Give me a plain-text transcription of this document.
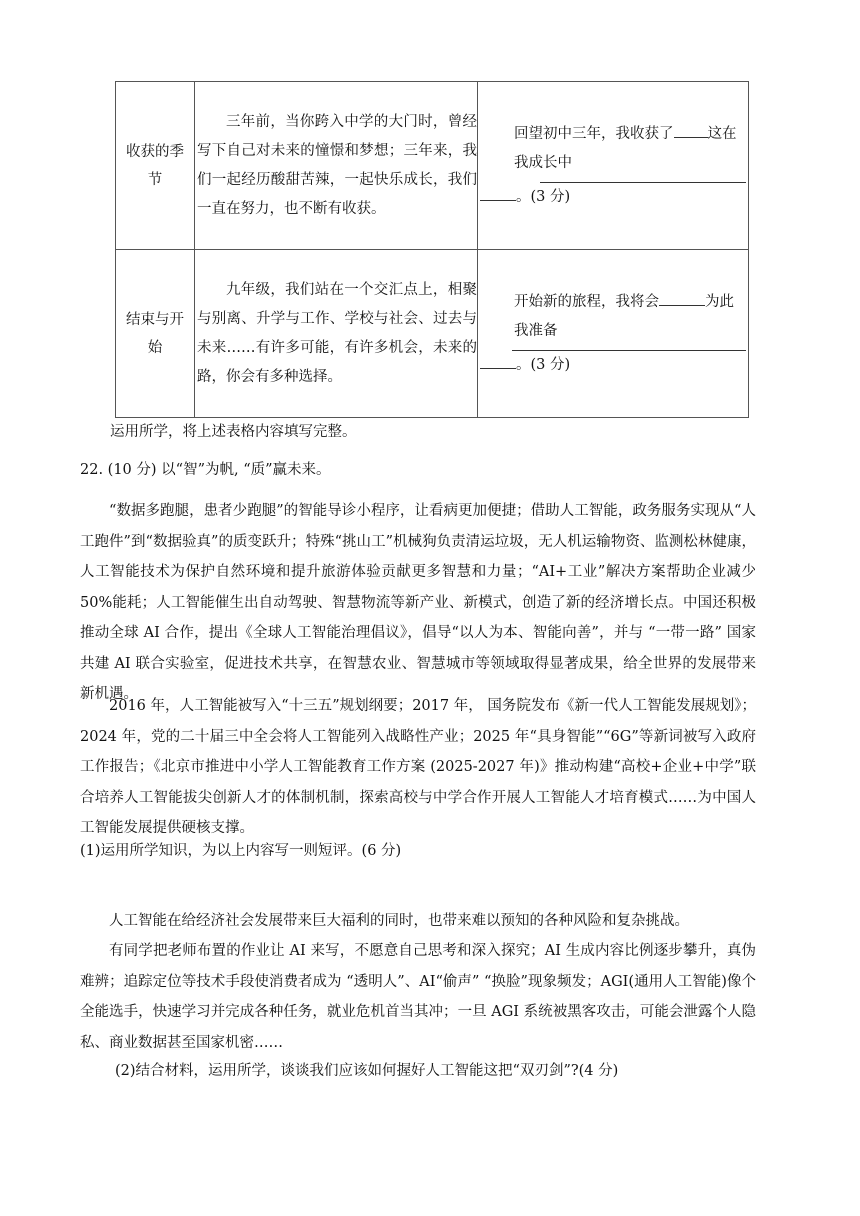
收获的季节	三年前，当你跨入中学的大门时，曾经写下自己对未来的憧憬和梦想；三年来，我们一起经历酸甜苦辣，一起快乐成长，我们一直在努力，也不断有收获。	回望初中三年，我收获了 这在我成长中
。(3 分)

结束与开始	九年级，我们站在一个交汇点上，相聚与别离、升学与工作、学校与社会、过去与未来……有许多可能，有许多机会，未来的路，你会有多种选择。	开始新的旅程，我将会 为此我准备
。(3 分)
运用所学，将上述表格内容填写完整。
22. (10 分) 以“智”为帆, “质”赢未来。
“数据多跑腿，患者少跑腿”的智能导诊小程序，让看病更加便捷；借助人工智能，政务服务实现从“人工跑件”到“数据验真”的质变跃升；特殊“挑山工”机械狗负责清运垃圾，无人机运输物资、监测松林健康，人工智能技术为保护自然环境和提升旅游体验贡献更多智慧和力量；“AI+工业”解决方案帮助企业减少 50%能耗；人工智能催生出自动驾驶、智慧物流等新产业、新模式，创造了新的经济增长点。中国还积极推动全球 AI 合作，提出《全球人工智能治理倡议》，倡导“以人为本、智能向善”，并与 “一带一路” 国家共建 AI 联合实验室，促进技术共享，在智慧农业、智慧城市等领域取得显著成果，给全世界的发展带来新机遇。
2016 年，人工智能被写入“十三五”规划纲要；2017 年， 国务院发布《新一代人工智能发展规划》；2024 年，党的二十届三中全会将人工智能列入战略性产业；2025 年“具身智能”“6G”等新词被写入政府工作报告；《北京市推进中小学人工智能教育工作方案 (2025-2027 年)》推动构建“高校+企业+中学”联合培养人工智能拔尖创新人才的体制机制，探索高校与中学合作开展人工智能人才培育模式……为中国人工智能发展提供硬核支撑。
(1)运用所学知识，为以上内容写一则短评。(6 分)
人工智能在给经济社会发展带来巨大福利的同时，也带来难以预知的各种风险和复杂挑战。
有同学把老师布置的作业让 AI 来写，不愿意自己思考和深入探究；AI 生成内容比例逐步攀升，真伪难辨；追踪定位等技术手段使消费者成为 “透明人”、AI“偷声” “换脸”现象频发；AGI(通用人工智能)像个全能选手，快速学习并完成各种任务，就业危机首当其冲；一旦 AGI 系统被黑客攻击，可能会泄露个人隐私、商业数据甚至国家机密……
(2)结合材料，运用所学，谈谈我们应该如何握好人工智能这把“双刃剑”?(4 分)
